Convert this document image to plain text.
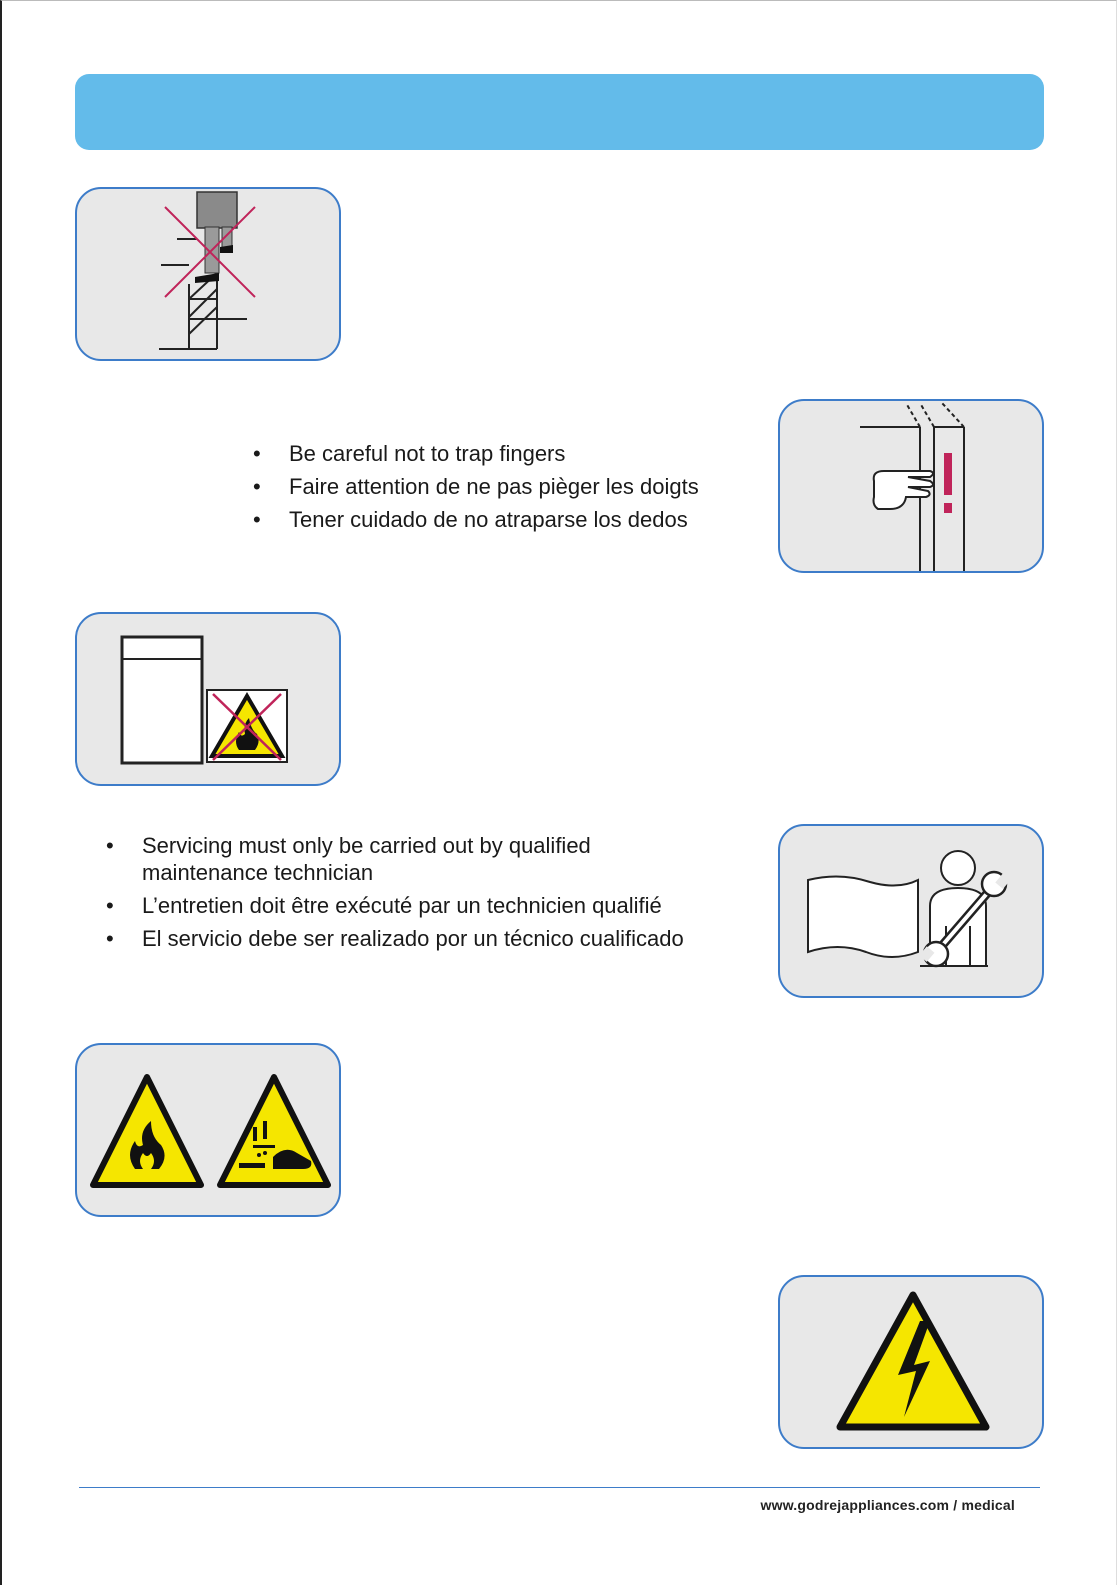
• Be careful not to trap fingers
• Faire attention de ne pas pièger les doigts
• Tener cuidado de no atraparse los dedos
• Servicing must only be carried out by qualified maintenance technician
• L’entretien doit être exécuté par un technicien qualifié
• El servicio debe ser realizado por un técnico cualificado
www.godrejappliances.com / medical
